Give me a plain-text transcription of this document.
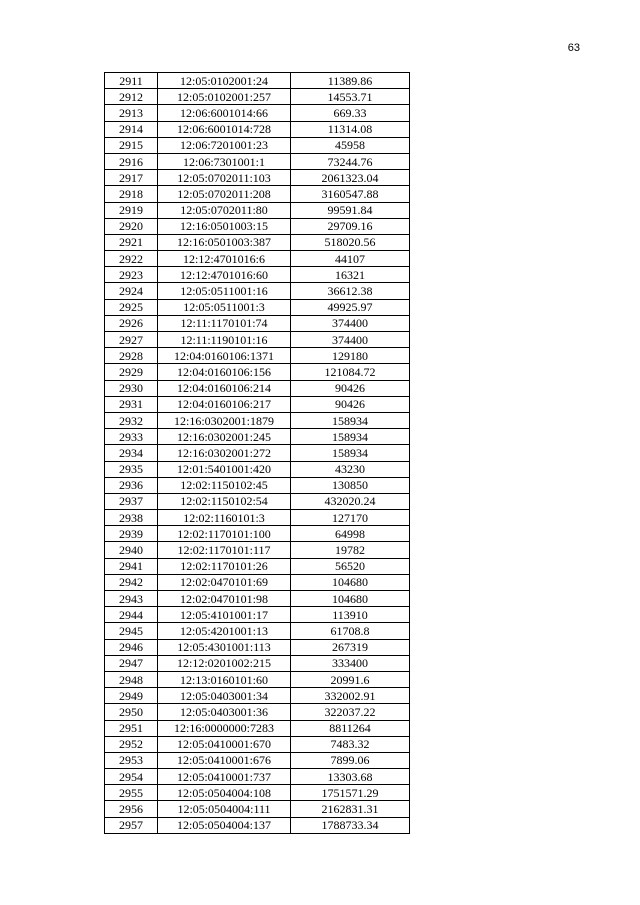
63
2911	12:05:0102001:24	11389.86
2912	12:05:0102001:257	14553.71
2913	12:06:6001014:66	669.33
2914	12:06:6001014:728	11314.08
2915	12:06:7201001:23	45958
2916	12:06:7301001:1	73244.76
2917	12:05:0702011:103	2061323.04
2918	12:05:0702011:208	3160547.88
2919	12:05:0702011:80	99591.84
2920	12:16:0501003:15	29709.16
2921	12:16:0501003:387	518020.56
2922	12:12:4701016:6	44107
2923	12:12:4701016:60	16321
2924	12:05:0511001:16	36612.38
2925	12:05:0511001:3	49925.97
2926	12:11:1170101:74	374400
2927	12:11:1190101:16	374400
2928	12:04:0160106:1371	129180
2929	12:04:0160106:156	121084.72
2930	12:04:0160106:214	90426
2931	12:04:0160106:217	90426
2932	12:16:0302001:1879	158934
2933	12:16:0302001:245	158934
2934	12:16:0302001:272	158934
2935	12:01:5401001:420	43230
2936	12:02:1150102:45	130850
2937	12:02:1150102:54	432020.24
2938	12:02:1160101:3	127170
2939	12:02:1170101:100	64998
2940	12:02:1170101:117	19782
2941	12:02:1170101:26	56520
2942	12:02:0470101:69	104680
2943	12:02:0470101:98	104680
2944	12:05:4101001:17	113910
2945	12:05:4201001:13	61708.8
2946	12:05:4301001:113	267319
2947	12:12:0201002:215	333400
2948	12:13:0160101:60	20991.6
2949	12:05:0403001:34	332002.91
2950	12:05:0403001:36	322037.22
2951	12:16:0000000:7283	8811264
2952	12:05:0410001:670	7483.32
2953	12:05:0410001:676	7899.06
2954	12:05:0410001:737	13303.68
2955	12:05:0504004:108	1751571.29
2956	12:05:0504004:111	2162831.31
2957	12:05:0504004:137	1788733.34
